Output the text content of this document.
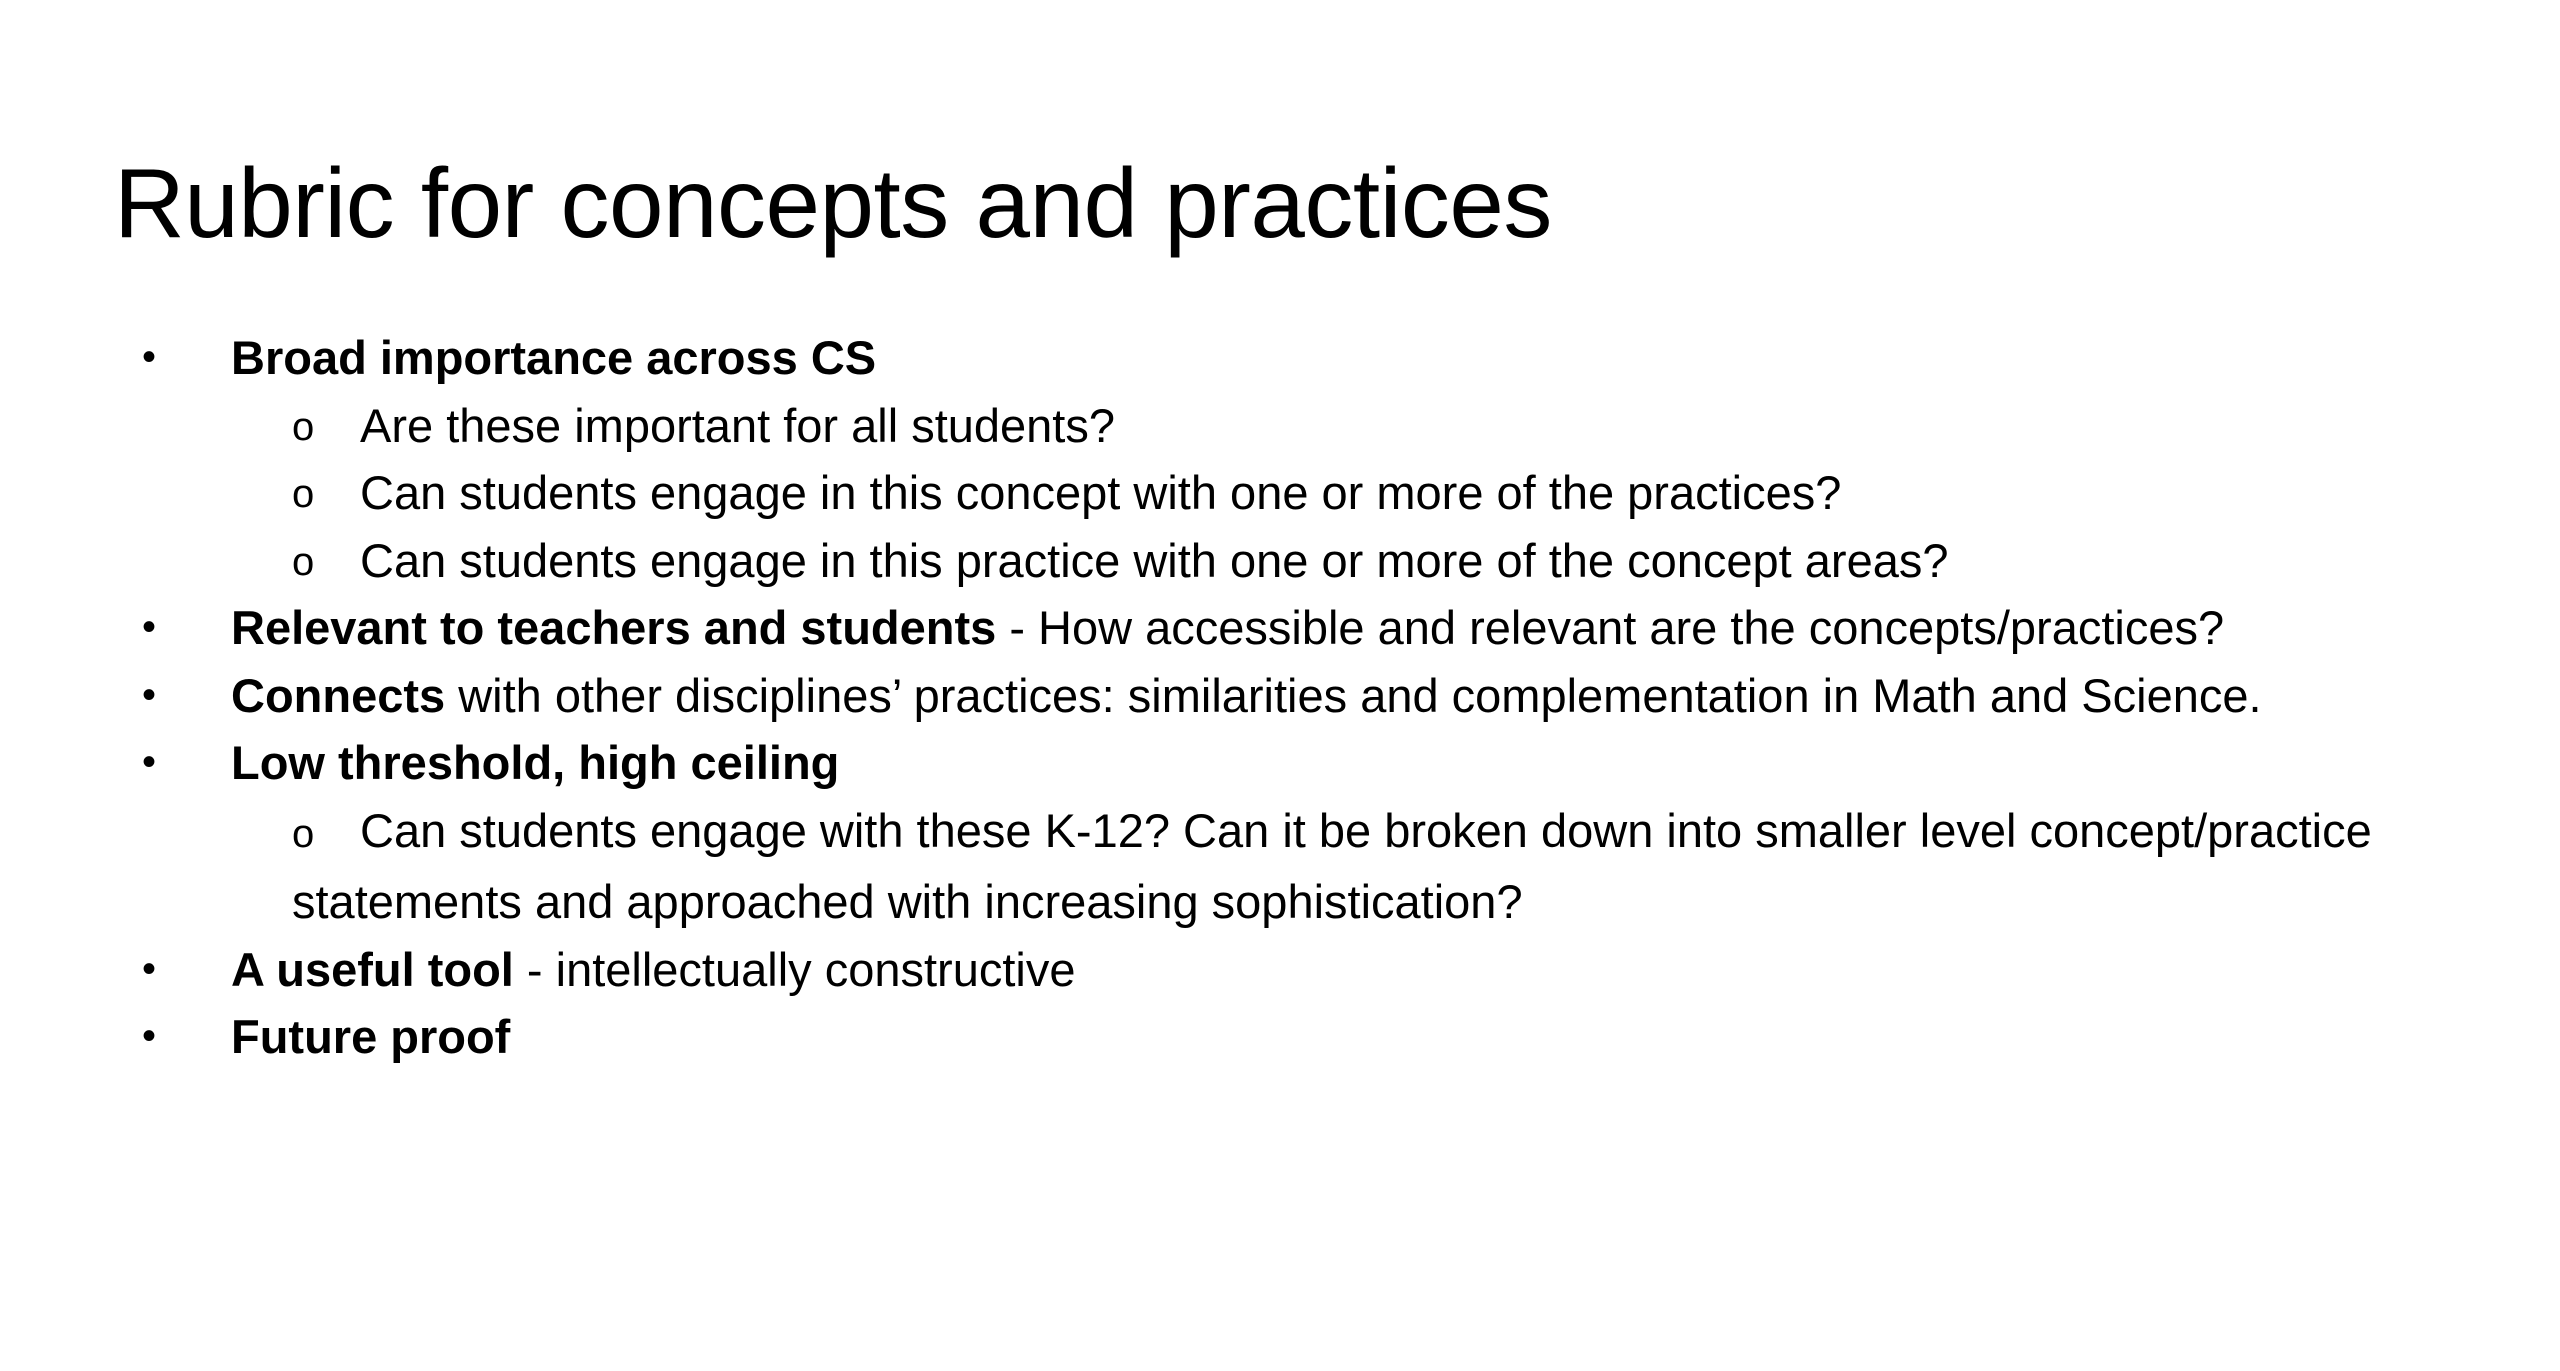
Rubric for concepts and practices
• Broad importance across CS
o Are these important for all students?
o Can students engage in this concept with one or more of the practices?
o Can students engage in this practice with one or more of the concept areas?
• Relevant to teachers and students - How accessible and relevant are the concepts/practices?
• Connects with other disciplines’ practices: similarities and complementation in Math and Science.
• Low threshold, high ceiling
o Can students engage with these K-12? Can it be broken down into smaller level concept/practice statements and approached with increasing sophistication?
• A useful tool - intellectually constructive
• Future proof
